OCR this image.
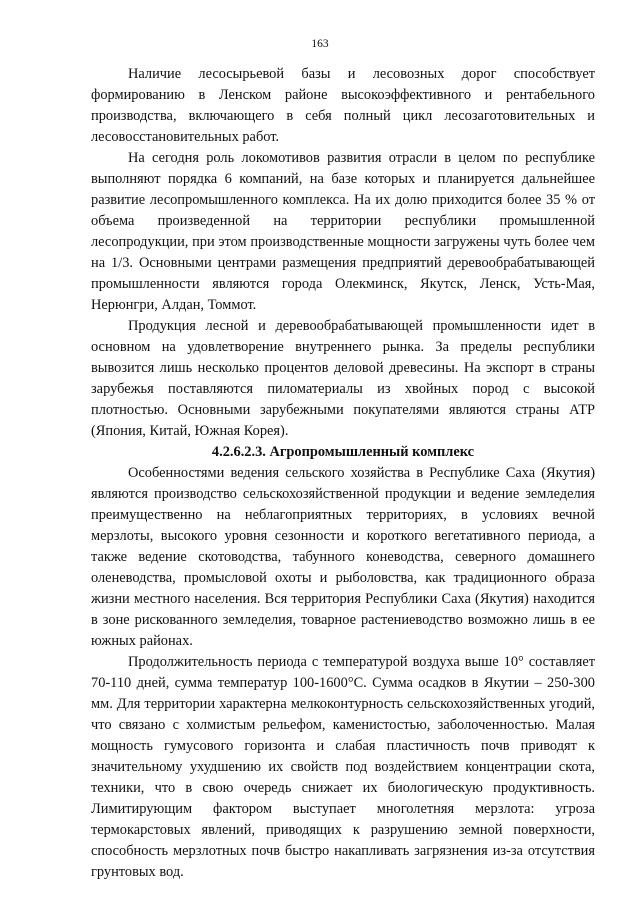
163

Наличие лесосырьевой базы и лесовозных дорог способствует формированию в Ленском районе высокоэффективного и рентабельного производства, включающего в себя полный цикл лесозаготовительных и лесовосстановительных работ.

На сегодня роль локомотивов развития отрасли в целом по республике выполняют порядка 6 компаний, на базе которых и планируется дальнейшее развитие лесопромышленного комплекса. На их долю приходится более 35 % от объема произведенной на территории республики промышленной лесопродукции, при этом производственные мощности загружены чуть более чем на 1/3. Основными центрами размещения предприятий деревообрабатывающей промышленности являются города Олекминск, Якутск, Ленск, Усть-Мая, Нерюнгри, Алдан, Томмот.

Продукция лесной и деревообрабатывающей промышленности идет в основном на удовлетворение внутреннего рынка. За пределы республики вывозится лишь несколько процентов деловой древесины. На экспорт в страны зарубежья поставляются пиломатериалы из хвойных пород с высокой плотностью. Основными зарубежными покупателями являются страны АТР (Япония, Китай, Южная Корея).

4.2.6.2.3. Агропромышленный комплекс

Особенностями ведения сельского хозяйства в Республике Саха (Якутия) являются производство сельскохозяйственной продукции и ведение земледелия преимущественно на неблагоприятных территориях, в условиях вечной мерзлоты, высокого уровня сезонности и короткого вегетативного периода, а также ведение скотоводства, табунного коневодства, северного домашнего оленеводства, промысловой охоты и рыболовства, как традиционного образа жизни местного населения. Вся территория Республики Саха (Якутия) находится в зоне рискованного земледелия, товарное растениеводство возможно лишь в ее южных районах.

Продолжительность периода с температурой воздуха выше 10° составляет 70-110 дней, сумма температур 100-1600°С. Сумма осадков в Якутии – 250-300 мм. Для территории характерна мелкоконтурность сельскохозяйственных угодий, что связано с холмистым рельефом, каменистостью, заболоченностью. Малая мощность гумусового горизонта и слабая пластичность почв приводят к значительному ухудшению их свойств под воздействием концентрации скота, техники, что в свою очередь снижает их биологическую продуктивность. Лимитирующим фактором выступает многолетняя мерзлота: угроза термокарстовых явлений, приводящих к разрушению земной поверхности, способность мерзлотных почв быстро накапливать загрязнения из-за отсутствия грунтовых вод.
